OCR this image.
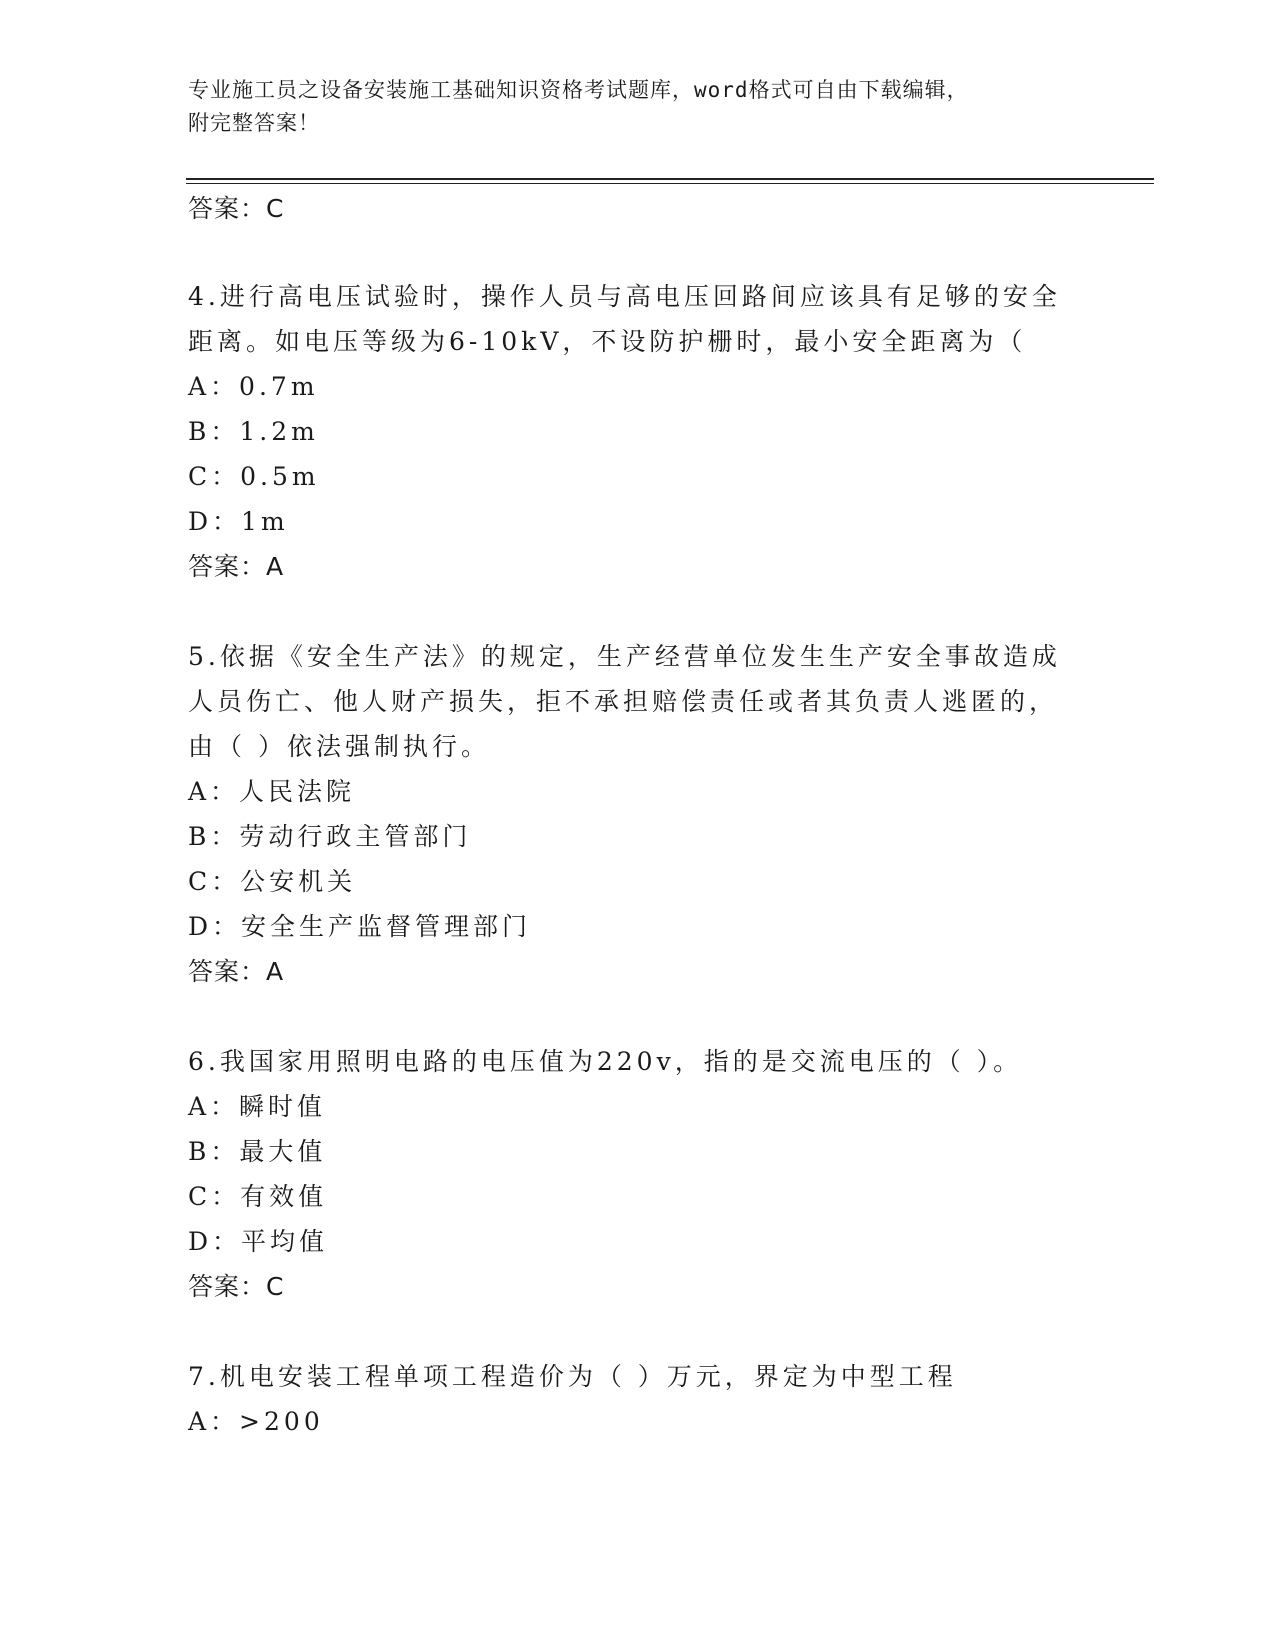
专业施工员之设备安装施工基础知识资格考试题库，word格式可自由下载编辑，
附完整答案！
答案：C
4.进行高电压试验时，操作人员与高电压回路间应该具有足够的安全
距离。如电压等级为6-10kV，不设防护栅时，最小安全距离为（
A：0.7m
B：1.2m
C：0.5m
D：1m
答案：A
5.依据《安全生产法》的规定，生产经营单位发生生产安全事故造成
人员伤亡、他人财产损失，拒不承担赔偿责任或者其负责人逃匿的，
由（ ）依法强制执行。
A：人民法院
B：劳动行政主管部门
C：公安机关
D：安全生产监督管理部门
答案：A
6.我国家用照明电路的电压值为220v，指的是交流电压的（ ）。
A：瞬时值
B：最大值
C：有效值
D：平均值
答案：C
7.机电安装工程单项工程造价为（ ）万元，界定为中型工程
A：>200
